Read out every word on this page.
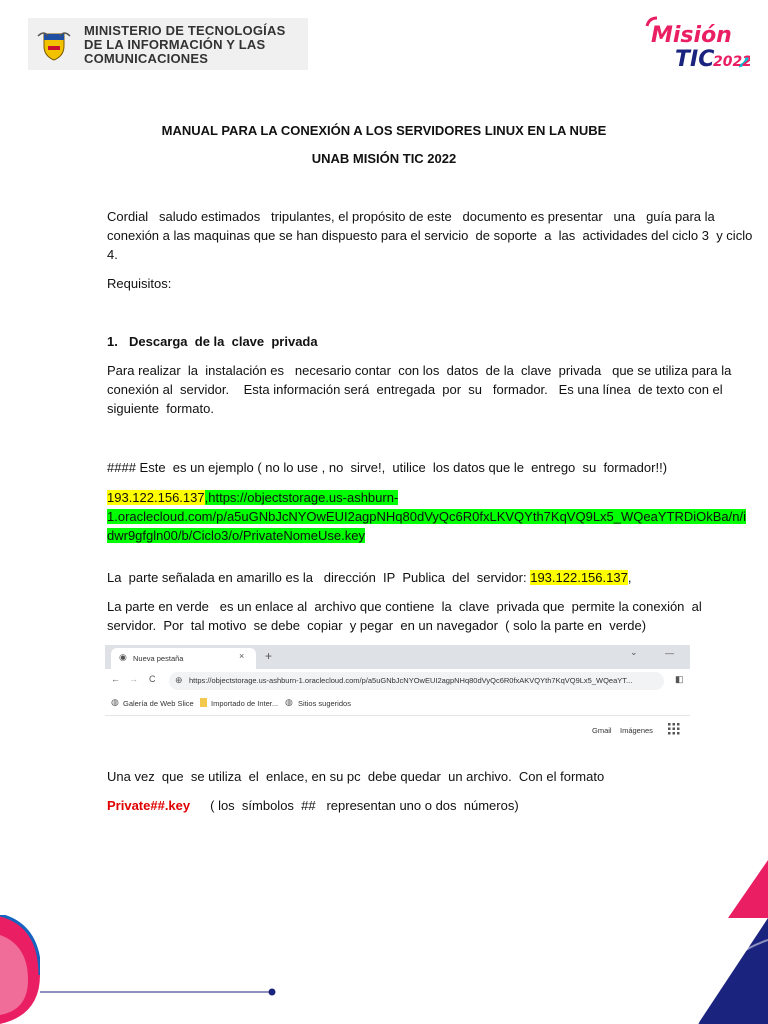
MINISTERIO DE TECNOLOGÍAS
DE LA INFORMACIÓN Y LAS
COMUNICACIONES
Misión
TIC
2022
MANUAL PARA LA CONEXIÓN A LOS SERVIDORES LINUX EN LA NUBE
UNAB MISIÓN TIC 2022
Cordial   saludo estimados   tripulantes, el propósito de este   documento es presentar   una   guía para la
conexión a las maquinas que se han dispuesto para el servicio  de soporte  a  las  actividades del ciclo 3  y ciclo
4.
Requisitos:
1. Descarga  de la  clave  privada
Para realizar  la  instalación es   necesario contar  con los  datos  de la  clave  privada   que se utiliza para la
conexión al  servidor.    Esta información será  entregada  por  su   formador.   Es una línea  de texto con el
siguiente  formato.
#### Este  es un ejemplo ( no lo use , no  sirve!,  utilice  los datos que le  entrego  su  formador!!)
193.122.156.137,https://objectstorage.us-ashburn-
1.oraclecloud.com/p/a5uGNbJcNYOwEUI2agpNHq80dVyQc6R0fxLKVQYth7KqVQ9Lx5_WQeaYTRDiOkBa/n/i
dwr9gfgln00/b/Ciclo3/o/PrivateNomeUse.key
La  parte señalada en amarillo es la   dirección  IP  Publica  del  servidor: 193.122.156.137,
La parte en verde   es un enlace al  archivo que contiene  la  clave  privada que  permite la conexión  al
servidor.  Por  tal motivo  se debe  copiar  y pegar  en un navegador  ( solo la parte en  verde)
◉ Nueva pestaña	× +	⌄	—
← → C ⊕ https://objectstorage.us-ashburn-1.oraclecloud.com/p/a5uGNbJcNYOwEUI2agpNHq80dVyQc6R0fxAKVQYth7KqVQ9Lx5_WQeaYT...	◧
◍ Galería de Web Slice Importado de Inter... ◍ Sitios sugeridos
Gmail Imágenes
Una vez  que  se utiliza  el  enlace, en su pc  debe quedar  un archivo.  Con el formato
Private##.key ( los  símbolos  ##   representan uno o dos  números)
